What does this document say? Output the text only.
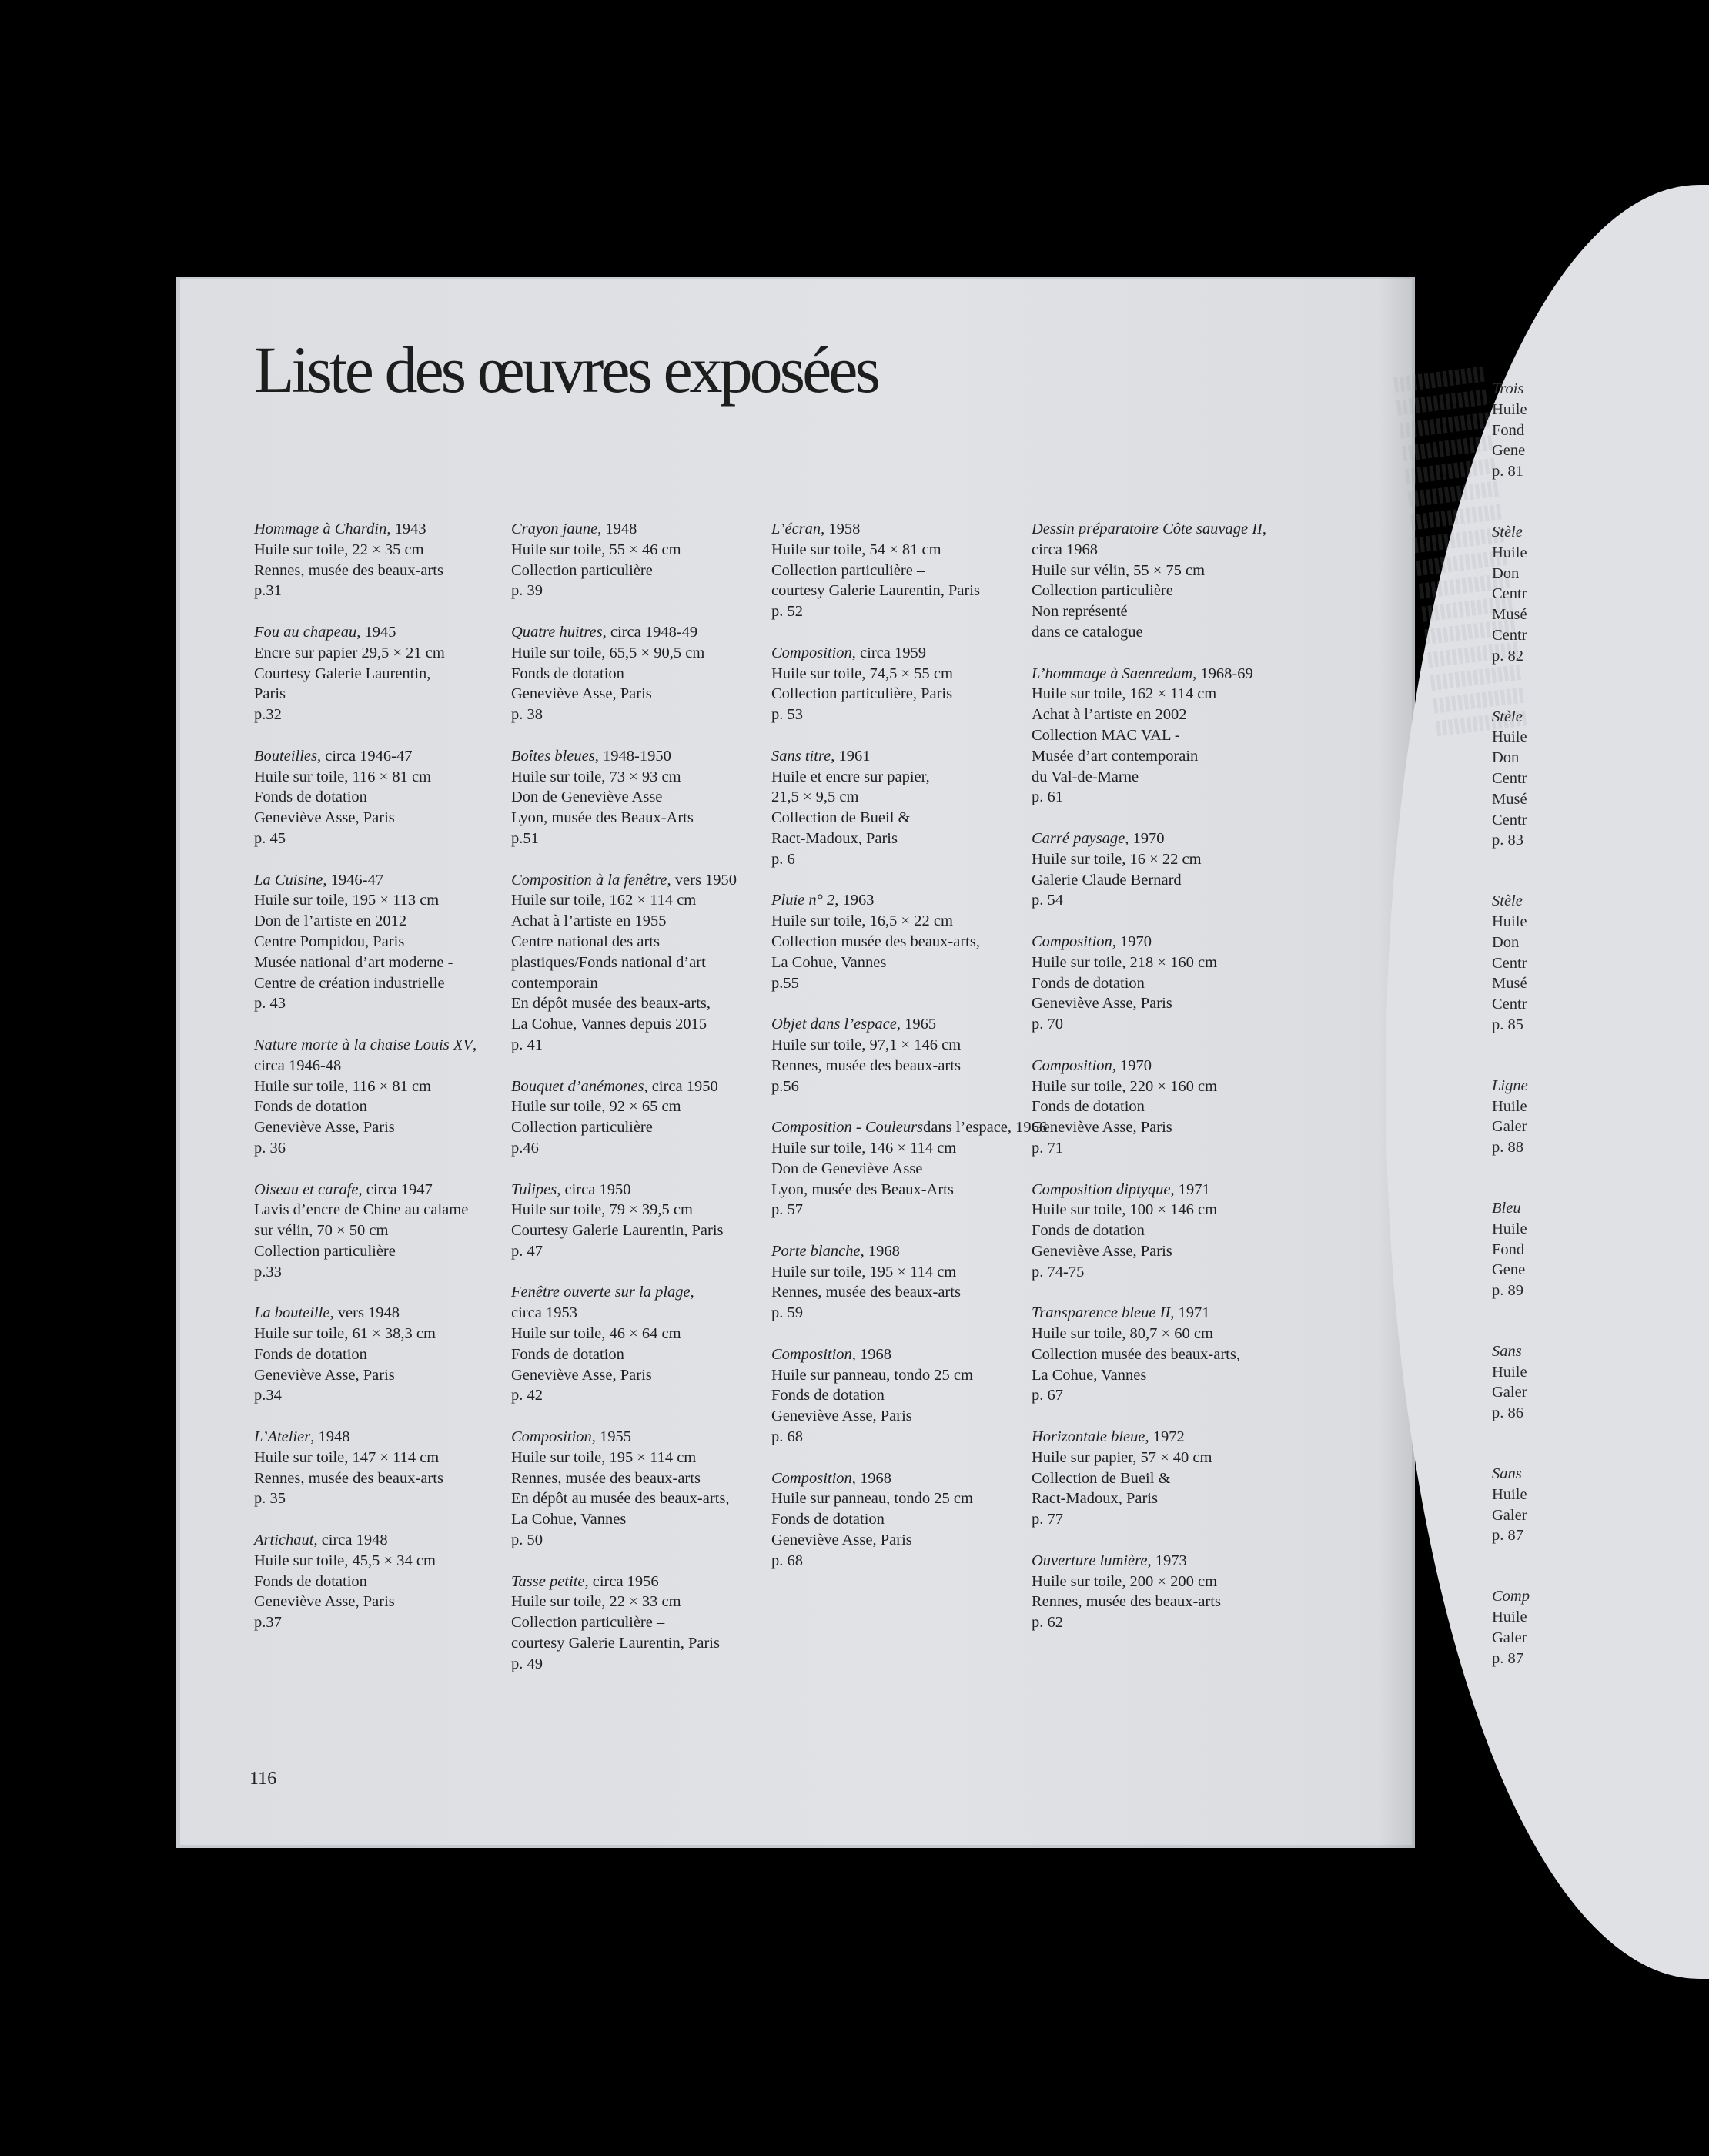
Liste des œuvres exposées
Hommage à Chardin, 1943
Huile sur toile, 22 × 35 cm
Rennes, musée des beaux-arts
p.31
Fou au chapeau, 1945
Encre sur papier 29,5 × 21 cm
Courtesy Galerie Laurentin,
Paris
p.32
Bouteilles, circa 1946-47
Huile sur toile, 116 × 81 cm
Fonds de dotation
Geneviève Asse, Paris
p. 45
La Cuisine, 1946-47
Huile sur toile, 195 × 113 cm
Don de l’artiste en 2012
Centre Pompidou, Paris
Musée national d’art moderne -
Centre de création industrielle
p. 43
Nature morte à la chaise Louis XV,
circa 1946-48
Huile sur toile, 116 × 81 cm
Fonds de dotation
Geneviève Asse, Paris
p. 36
Oiseau et carafe, circa 1947
Lavis d’encre de Chine au calame
sur vélin, 70 × 50 cm
Collection particulière
p.33
La bouteille, vers 1948
Huile sur toile, 61 × 38,3 cm
Fonds de dotation
Geneviève Asse, Paris
p.34
L’Atelier, 1948
Huile sur toile, 147 × 114 cm
Rennes, musée des beaux-arts
p. 35
Artichaut, circa 1948
Huile sur toile, 45,5 × 34 cm
Fonds de dotation
Geneviève Asse, Paris
p.37
Crayon jaune, 1948
Huile sur toile, 55 × 46 cm
Collection particulière
p. 39
Quatre huitres, circa 1948-49
Huile sur toile, 65,5 × 90,5 cm
Fonds de dotation
Geneviève Asse, Paris
p. 38
Boîtes bleues, 1948-1950
Huile sur toile, 73 × 93 cm
Don de Geneviève Asse
Lyon, musée des Beaux-Arts
p.51
Composition à la fenêtre, vers 1950
Huile sur toile, 162 × 114 cm
Achat à l’artiste en 1955
Centre national des arts
plastiques/Fonds national d’art
contemporain
En dépôt musée des beaux-arts,
La Cohue, Vannes depuis 2015
p. 41
Bouquet d’anémones, circa 1950
Huile sur toile, 92 × 65 cm
Collection particulière
p.46
Tulipes, circa 1950
Huile sur toile, 79 × 39,5 cm
Courtesy Galerie Laurentin, Paris
p. 47
Fenêtre ouverte sur la plage,
circa 1953
Huile sur toile, 46 × 64 cm
Fonds de dotation
Geneviève Asse, Paris
p. 42
Composition, 1955
Huile sur toile, 195 × 114 cm
Rennes, musée des beaux-arts
En dépôt au musée des beaux-arts,
La Cohue, Vannes
p. 50
Tasse petite, circa 1956
Huile sur toile, 22 × 33 cm
Collection particulière –
courtesy Galerie Laurentin, Paris
p. 49
L’écran, 1958
Huile sur toile, 54 × 81 cm
Collection particulière –
courtesy Galerie Laurentin, Paris
p. 52
Composition, circa 1959
Huile sur toile, 74,5 × 55 cm
Collection particulière, Paris
p. 53
Sans titre, 1961
Huile et encre sur papier,
21,5 × 9,5 cm
Collection de Bueil &
Ract-Madoux, Paris
p. 6
Pluie n° 2, 1963
Huile sur toile, 16,5 × 22 cm
Collection musée des beaux-arts,
La Cohue, Vannes
p.55
Objet dans l’espace, 1965
Huile sur toile, 97,1 × 146 cm
Rennes, musée des beaux-arts
p.56
Composition - Couleursdans l’espace, 1966
Huile sur toile, 146 × 114 cm
Don de Geneviève Asse
Lyon, musée des Beaux-Arts
p. 57
Porte blanche, 1968
Huile sur toile, 195 × 114 cm
Rennes, musée des beaux-arts
p. 59
Composition, 1968
Huile sur panneau, tondo 25 cm
Fonds de dotation
Geneviève Asse, Paris
p. 68
Composition, 1968
Huile sur panneau, tondo 25 cm
Fonds de dotation
Geneviève Asse, Paris
p. 68
Dessin préparatoire Côte sauvage II,
circa 1968
Huile sur vélin, 55 × 75 cm
Collection particulière
Non représenté
dans ce catalogue
L’hommage à Saenredam, 1968-69
Huile sur toile, 162 × 114 cm
Achat à l’artiste en 2002
Collection MAC VAL -
Musée d’art contemporain
du Val-de-Marne
p. 61
Carré paysage, 1970
Huile sur toile, 16 × 22 cm
Galerie Claude Bernard
p. 54
Composition, 1970
Huile sur toile, 218 × 160 cm
Fonds de dotation
Geneviève Asse, Paris
p. 70
Composition, 1970
Huile sur toile, 220 × 160 cm
Fonds de dotation
Geneviève Asse, Paris
p. 71
Composition diptyque, 1971
Huile sur toile, 100 × 146 cm
Fonds de dotation
Geneviève Asse, Paris
p. 74-75
Transparence bleue II, 1971
Huile sur toile, 80,7 × 60 cm
Collection musée des beaux-arts,
La Cohue, Vannes
p. 67
Horizontale bleue, 1972
Huile sur papier, 57 × 40 cm
Collection de Bueil &
Ract-Madoux, Paris
p. 77
Ouverture lumière, 1973
Huile sur toile, 200 × 200 cm
Rennes, musée des beaux-arts
p. 62
116
Trois
Huile
Fond
Gene
p. 81
Stèle
Huile
Don
Centr
Musé
Centr
p. 82
Stèle
Huile
Don
Centr
Musé
Centr
p. 83
Stèle
Huile
Don
Centr
Musé
Centr
p. 85
Ligne
Huile
Galer
p. 88
Bleu
Huile
Fond
Gene
p. 89
Sans
Huile
Galer
p. 86
Sans
Huile
Galer
p. 87
Comp
Huile
Galer
p. 87
